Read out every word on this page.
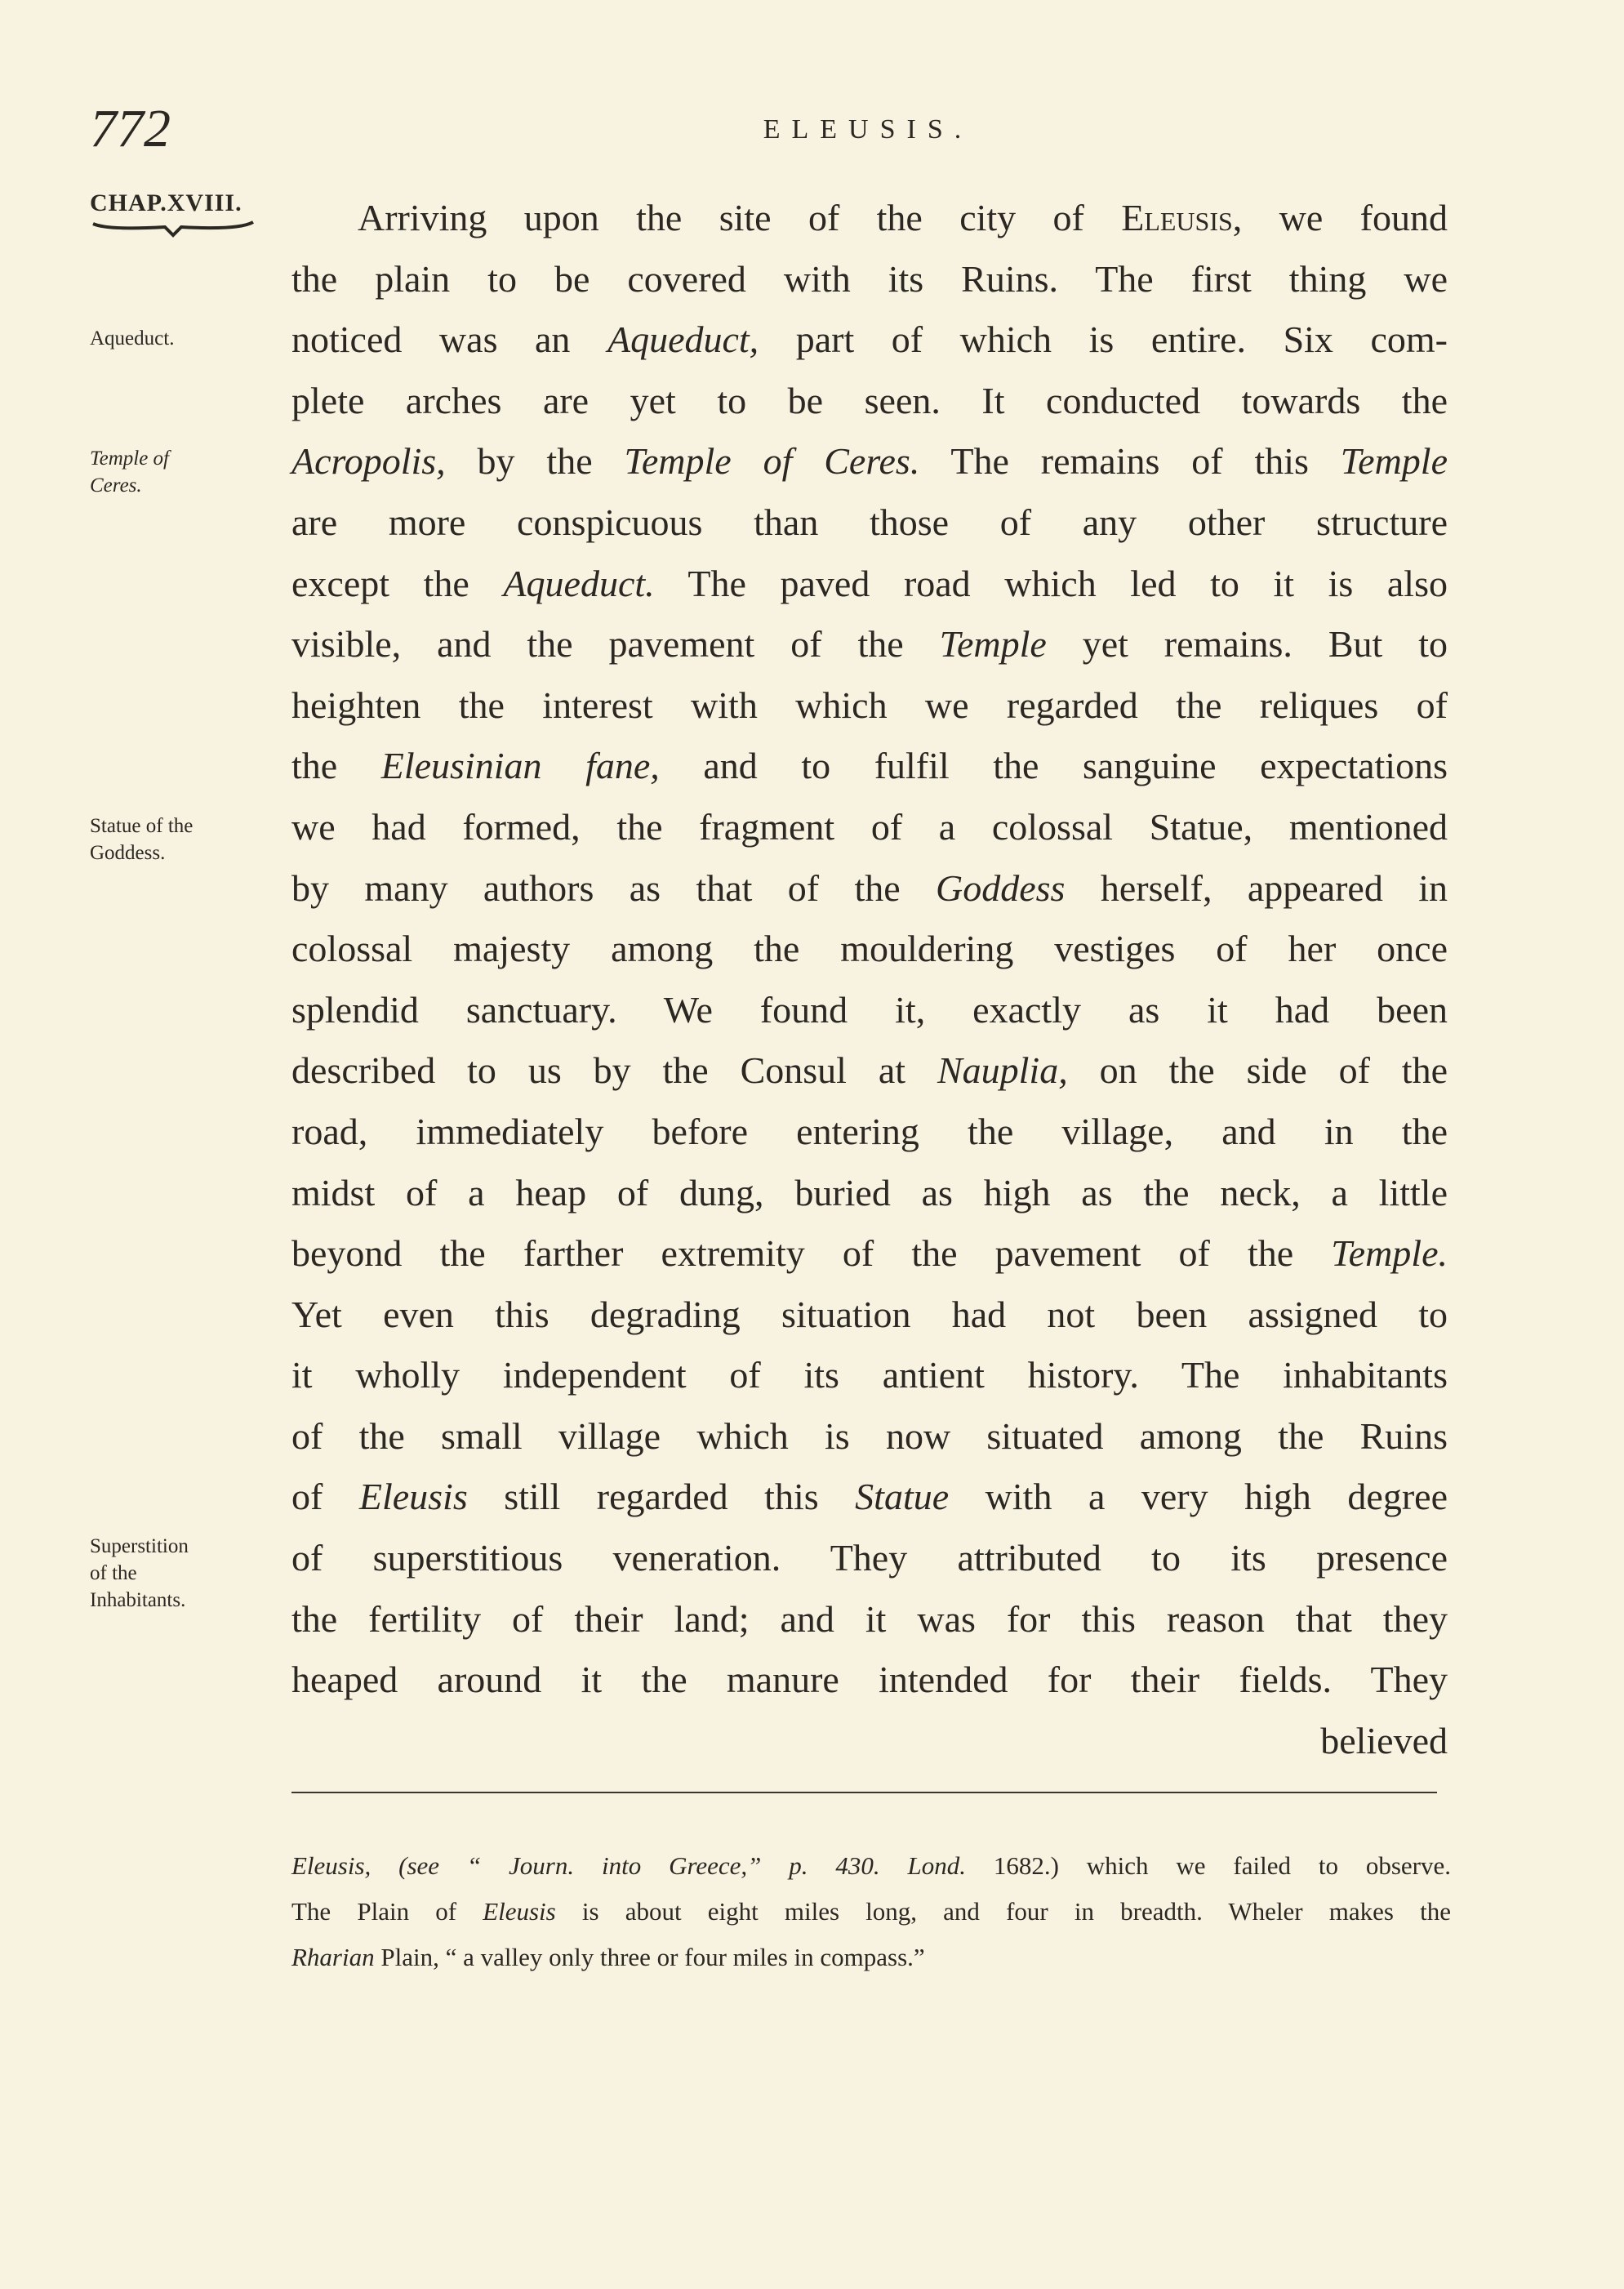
772	ELEUSIS.
CHAP.XVIII.
Aqueduct.
Temple of
Ceres.
Statue of the
Goddess.
Superstition
of the
Inhabitants.
Arriving upon the site of the city of Eleusis, we found
the plain to be covered with its Ruins. The first thing we
noticed was an Aqueduct, part of which is entire. Six com-
plete arches are yet to be seen. It conducted towards the
Acropolis, by the Temple of Ceres. The remains of this Temple
are more conspicuous than those of any other structure
except the Aqueduct. The paved road which led to it is also
visible, and the pavement of the Temple yet remains. But to
heighten the interest with which we regarded the reliques of
the Eleusinian fane, and to fulfil the sanguine expectations
we had formed, the fragment of a colossal Statue, mentioned
by many authors as that of the Goddess herself, appeared in
colossal majesty among the mouldering vestiges of her once
splendid sanctuary. We found it, exactly as it had been
described to us by the Consul at Nauplia, on the side of the
road, immediately before entering the village, and in the
midst of a heap of dung, buried as high as the neck, a little
beyond the farther extremity of the pavement of the Temple.
Yet even this degrading situation had not been assigned to
it wholly independent of its antient history. The inhabitants
of the small village which is now situated among the Ruins
of Eleusis still regarded this Statue with a very high degree
of superstitious veneration. They attributed to its presence
the fertility of their land; and it was for this reason that they
heaped around it the manure intended for their fields. They
believed
Eleusis, (see “ Journ. into Greece,” p. 430. Lond. 1682.) which we failed to observe.
The Plain of Eleusis is about eight miles long, and four in breadth. Wheler makes the
Rharian Plain, “ a valley only three or four miles in compass.”
